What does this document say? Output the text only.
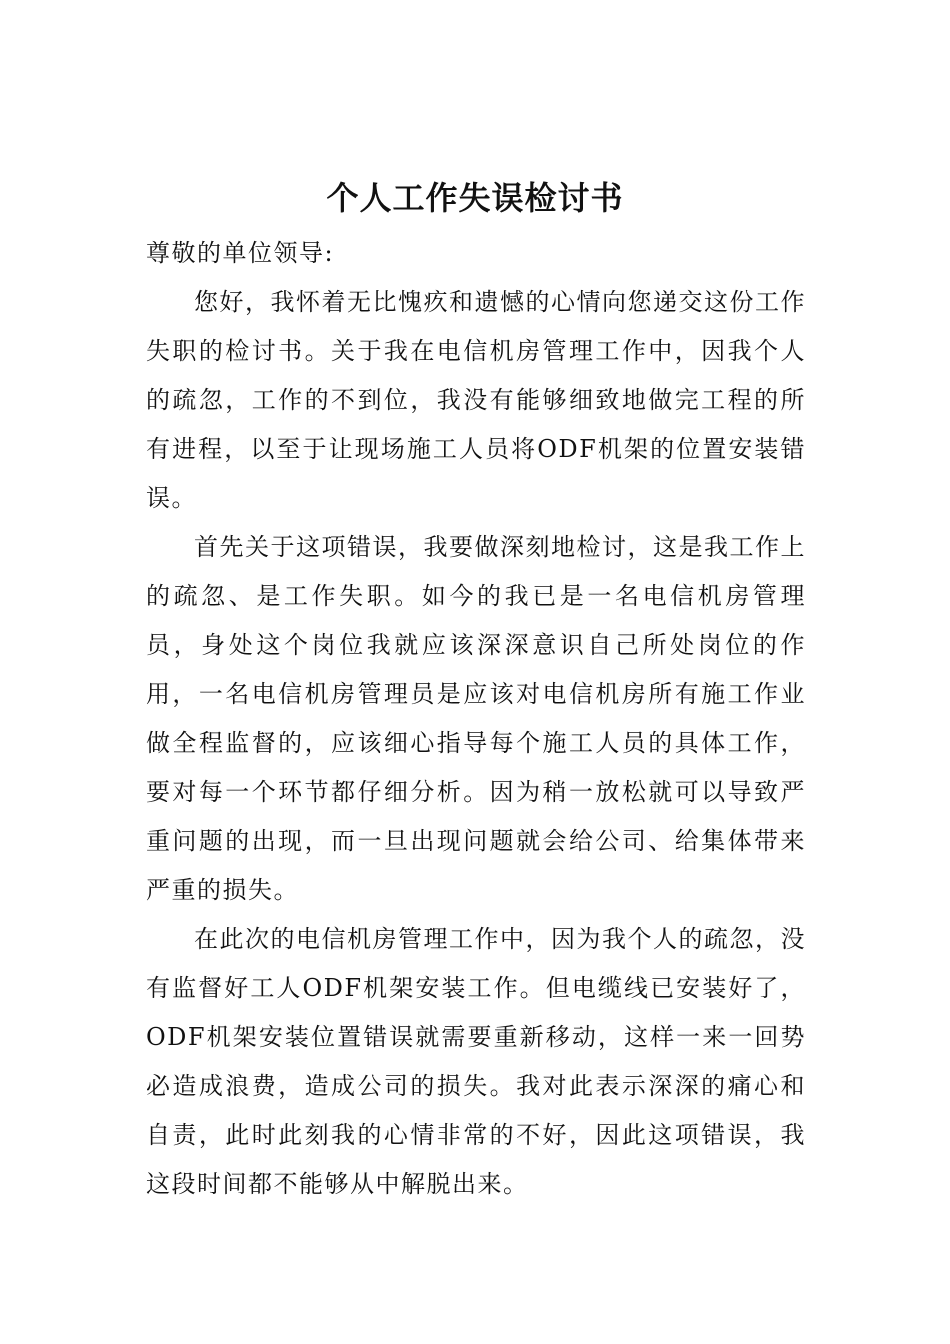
个人工作失误检讨书

尊敬的单位领导:

您好，我怀着无比愧疚和遗憾的心情向您递交这份工作失职的检讨书。关于我在电信机房管理工作中，因我个人的疏忽，工作的不到位，我没有能够细致地做完工程的所有进程，以至于让现场施工人员将ODF机架的位置安装错误。

首先关于这项错误，我要做深刻地检讨，这是我工作上的疏忽、是工作失职。如今的我已是一名电信机房管理员，身处这个岗位我就应该深深意识自己所处岗位的作用，一名电信机房管理员是应该对电信机房所有施工作业做全程监督的，应该细心指导每个施工人员的具体工作，要对每一个环节都仔细分析。因为稍一放松就可以导致严重问题的出现，而一旦出现问题就会给公司、给集体带来严重的损失。

在此次的电信机房管理工作中，因为我个人的疏忽，没有监督好工人ODF机架安装工作。但电缆线已安装好了，ODF机架安装位置错误就需要重新移动，这样一来一回势必造成浪费，造成公司的损失。我对此表示深深的痛心和自责，此时此刻我的心情非常的不好，因此这项错误，我这段时间都不能够从中解脱出来。
